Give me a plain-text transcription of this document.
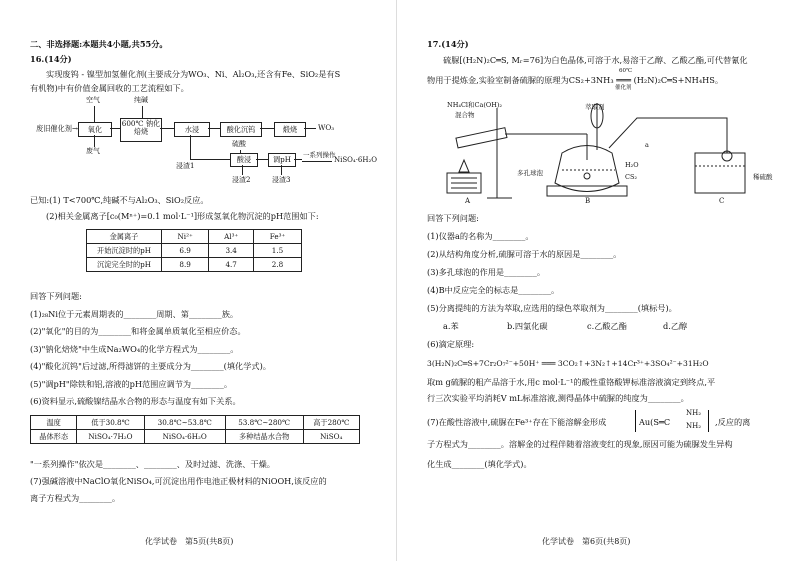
二、非选择题:本题共4小题,共55分。
16.(14分)
实现废钨 - 镍型加氢催化剂(主要成分为WO₃、Ni、Al₂O₃,还含有Fe、SiO₂是有S
有机物)中有价值金属回收的工艺流程如下。
空气	纯碱
废旧催化剂→	氧化
600℃ 钠化焙烧	水浸	酸化沉钨	煅烧	WO₃
废气
硫酸
酸浸	调pH	一系列操作
NiSO₄·6H₂O
浸渣1
浸渣2	浸渣3
已知:(1) T<700℃,纯碱不与Al₂O₃、SiO₂反应。
(2)相关金属离子[c₀(Mⁿ⁺)=0.1 mol·L⁻¹]形成氢氧化物沉淀的pH范围如下:
金属离子	Ni²⁺	Al³⁺	Fe³⁺
开始沉淀时的pH	6.9	3.4	1.5
沉淀完全时的pH	8.9	4.7	2.8
回答下列问题:
(1)₂₈Ni位于元素周期表的________周期、第________族。
(2)"氧化"的目的为________和将金属单质氧化至相应价态。
(3)"钠化焙烧"中生成Na₂WO₄的化学方程式为________。
(4)"酸化沉钨"后过滤,所得滤饼的主要成分为________(填化学式)。
(5)"调pH"除铁和铝,溶液的pH范围应调节为________。
(6)资料显示,硫酸镍结晶水合物的形态与温度有如下关系。
温度	低于30.8℃	30.8℃~53.8℃	53.8℃~280℃	高于280℃
晶体形态	NiSO₄·7H₂O	NiSO₄·6H₂O	多种结晶水合物	NiSO₄
"一系列操作"依次是________、________、及时过滤、洗涤、干燥。
(7)强碱溶液中NaClO氧化NiSO₄,可沉淀出用作电池正极材料的NiOOH,该反应的
离子方程式为________。
化学试卷　第5页(共8页)
17.(14分)
硫脲[(H₂N)₂C═S, Mᵣ=76]为白色晶体,可溶于水,易溶于乙醇、乙酸乙酯,可代替氰化
物用于提炼金,实验室制备硫脲的原理为CS₂+3NH₃ ═══ (H₂N)₂C═S+NH₄HS。
60℃
催化剂
NH₄Cl和Ca(OH)₂
混合物
萃取剂
a
H₂O
CS₂
多孔球泡	稀硫酸
A	B	C
回答下列问题:
(1)仪器a的名称为________。
(2)从结构角度分析,硫脲可溶于水的原因是________。
(3)多孔球泡的作用是________。
(4)B中反应完全的标志是________。
(5)分离提纯的方法为萃取,应选用的绿色萃取剂为________(填标号)。
a.苯	b.四氯化碳	c.乙酸乙酯	d.乙醇
(6)滴定原理:
3(H₂N)₂C═S+7Cr₂O₇²⁻+50H⁺ ═══ 3CO₂↑+3N₂↑+14Cr³⁺+3SO₄²⁻+31H₂O
取m g硫脲的粗产品溶于水,用c mol·L⁻¹的酸性重铬酸钾标准溶液滴定到终点,平
行三次实验平均消耗V mL标准溶液,测得晶体中硫脲的纯度为________。
(7)在酸性溶液中,硫脲在Fe³⁺存在下能溶解金形成	Au(S═C
NH₂
NH₂ ,反应的离
子方程式为________。溶解金的过程伴随着溶液变红的现象,原因可能为硫脲发生异构
化生成________(填化学式)。
化学试卷　第6页(共8页)
